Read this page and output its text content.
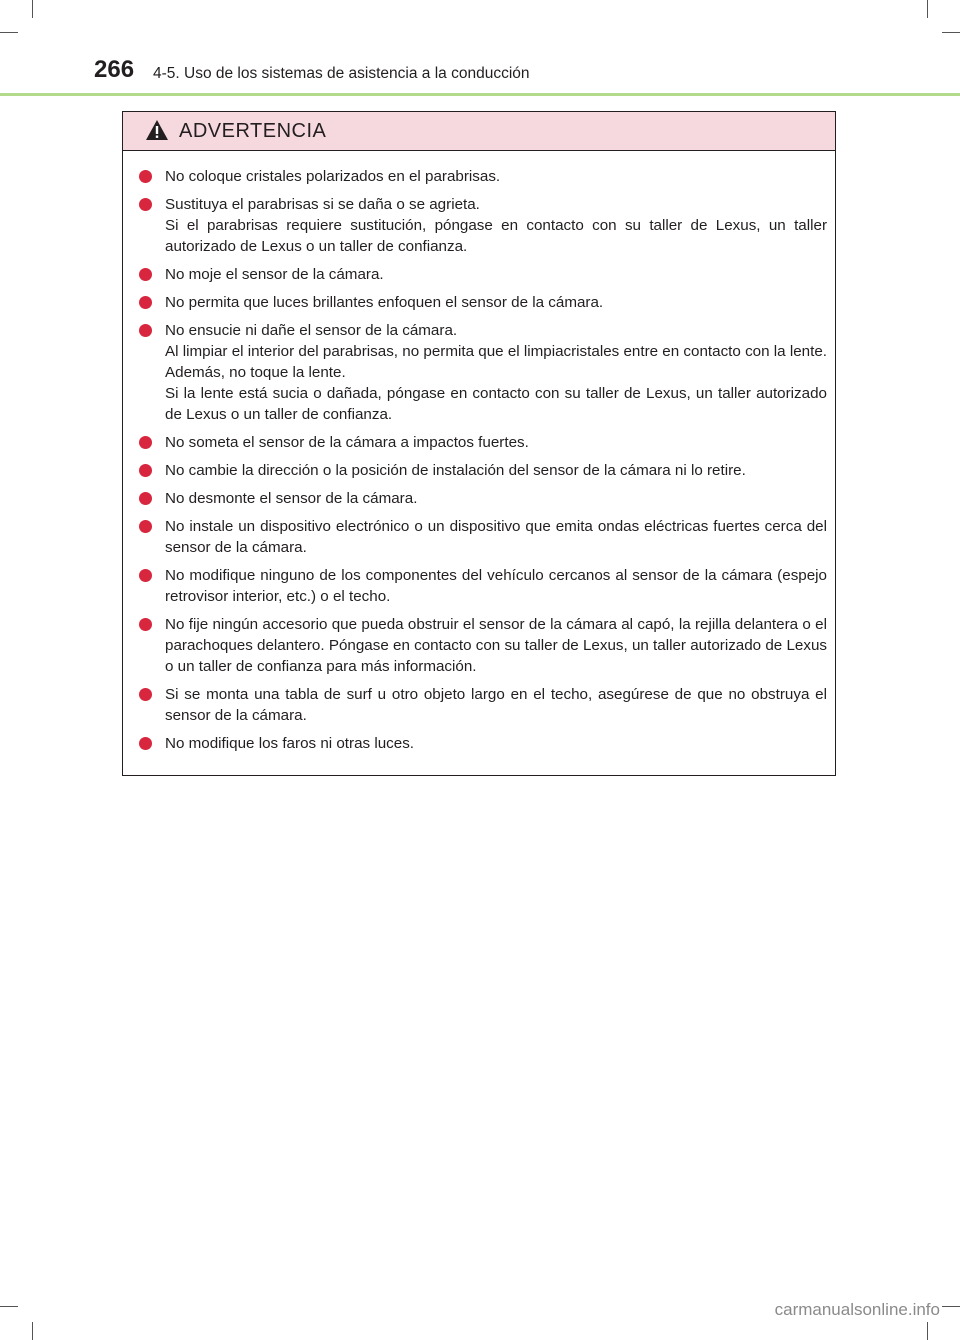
266 4-5. Uso de los sistemas de asistencia a la conducción
ADVERTENCIA
No coloque cristales polarizados en el parabrisas.
Sustituya el parabrisas si se daña o se agrieta.
Si el parabrisas requiere sustitución, póngase en contacto con su taller de Lexus, un taller autorizado de Lexus o un taller de confianza.
No moje el sensor de la cámara.
No permita que luces brillantes enfoquen el sensor de la cámara.
No ensucie ni dañe el sensor de la cámara.
Al limpiar el interior del parabrisas, no permita que el limpiacristales entre en contacto con la lente. Además, no toque la lente.
Si la lente está sucia o dañada, póngase en contacto con su taller de Lexus, un taller autorizado de Lexus o un taller de confianza.
No someta el sensor de la cámara a impactos fuertes.
No cambie la dirección o la posición de instalación del sensor de la cámara ni lo retire.
No desmonte el sensor de la cámara.
No instale un dispositivo electrónico o un dispositivo que emita ondas eléctricas fuertes cerca del sensor de la cámara.
No modifique ninguno de los componentes del vehículo cercanos al sensor de la cámara (espejo retrovisor interior, etc.) o el techo.
No fije ningún accesorio que pueda obstruir el sensor de la cámara al capó, la rejilla delantera o el parachoques delantero. Póngase en contacto con su taller de Lexus, un taller autorizado de Lexus o un taller de confianza para más información.
Si se monta una tabla de surf u otro objeto largo en el techo, asegúrese de que no obstruya el sensor de la cámara.
No modifique los faros ni otras luces.
carmanualsonline.info
